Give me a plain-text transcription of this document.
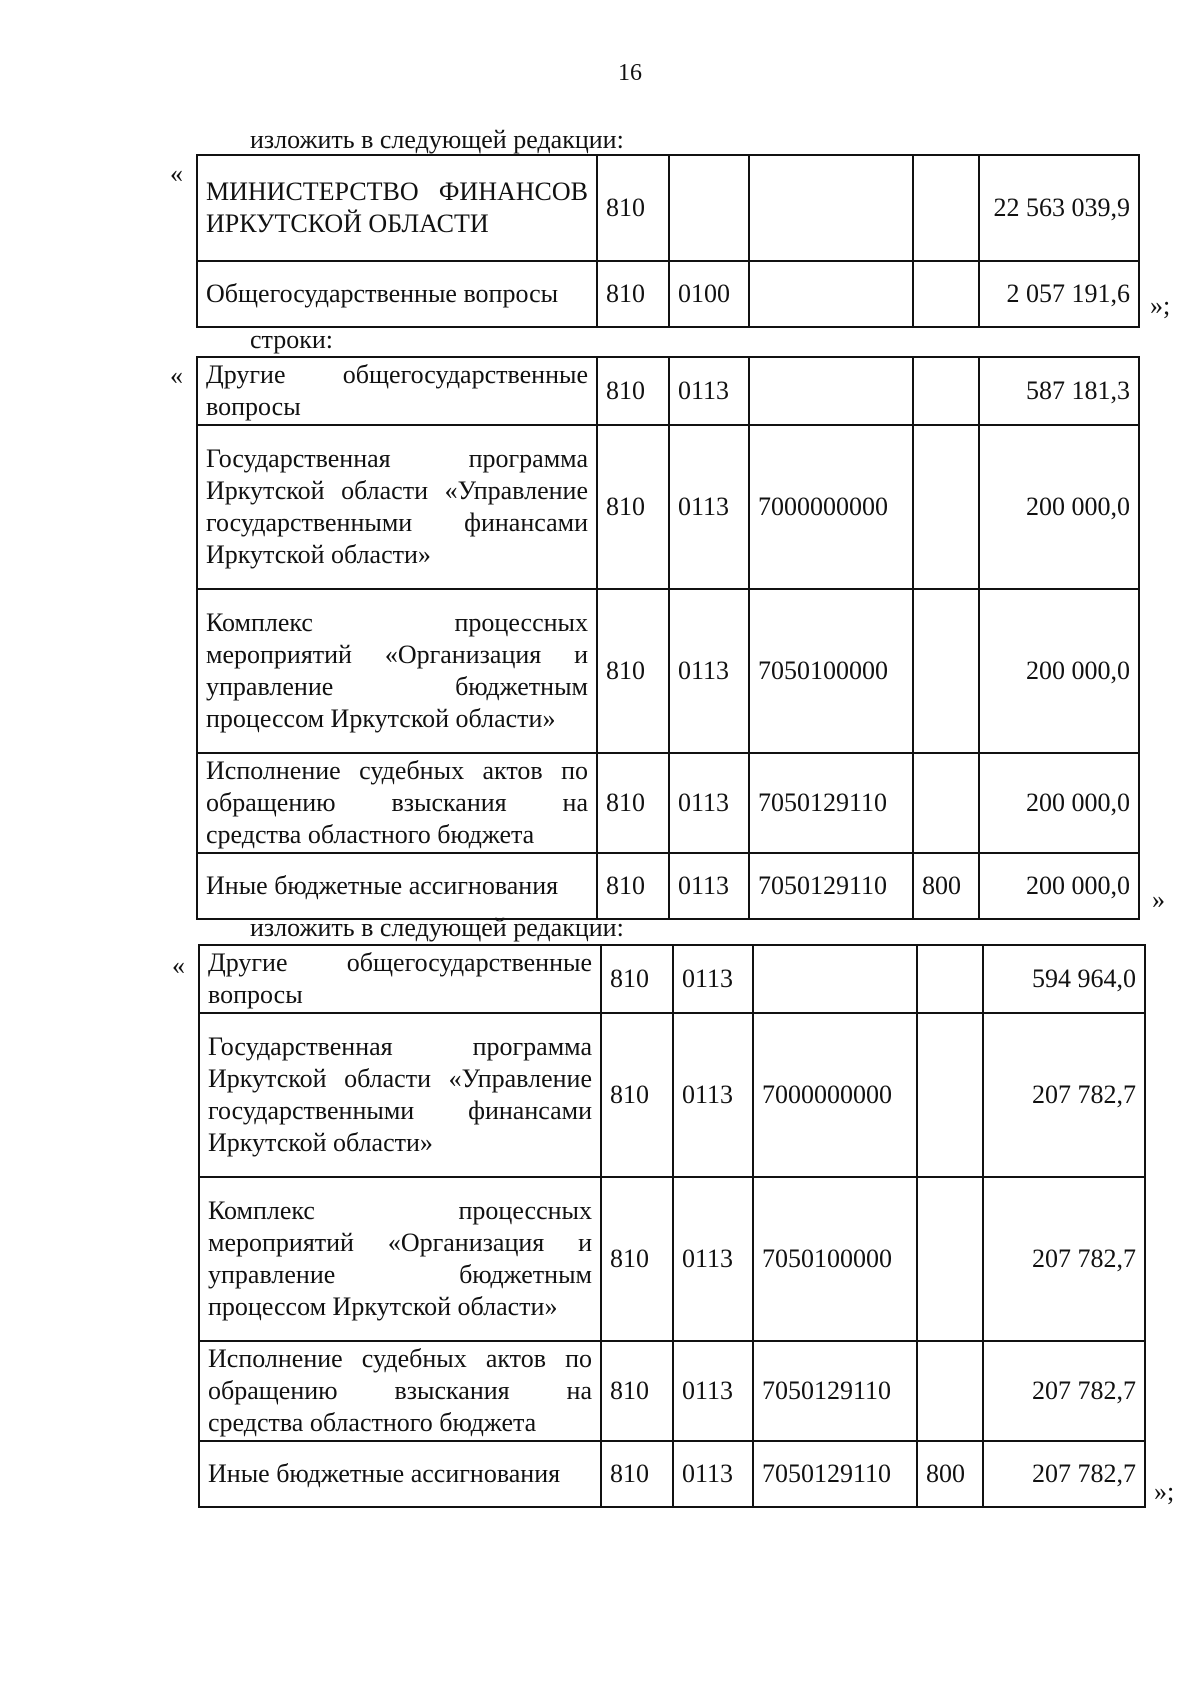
16
изложить в следующей редакции:
«
МИНИСТЕРСТВО ФИНАНСОВ ИРКУТСКОЙ ОБЛАСТИ	810				22 563 039,9
Общегосударственные вопросы	810	0100			2 057 191,6 »;
строки:
« Другие общегосударственные вопросы	810	0113			587 181,3
Государственная программа Иркутской области «Управление государственными финансами Иркутской области»	810	0113	7000000000		200 000,0
Комплекс процессных мероприятий «Организация и управление бюджетным процессом Иркутской области»	810	0113	7050100000		200 000,0
Исполнение судебных актов по обращению взыскания на средства областного бюджета	810	0113	7050129110		200 000,0
Иные бюджетные ассигнования	810	0113	7050129110	800	200 000,0 »
изложить в следующей редакции:
« Другие общегосударственные вопросы	810	0113			594 964,0
Государственная программа Иркутской области «Управление государственными финансами Иркутской области»	810	0113	7000000000		207 782,7
Комплекс процессных мероприятий «Организация и управление бюджетным процессом Иркутской области»	810	0113	7050100000		207 782,7
Исполнение судебных актов по обращению взыскания на средства областного бюджета	810	0113	7050129110		207 782,7
Иные бюджетные ассигнования	810	0113	7050129110	800	207 782,7
»;
